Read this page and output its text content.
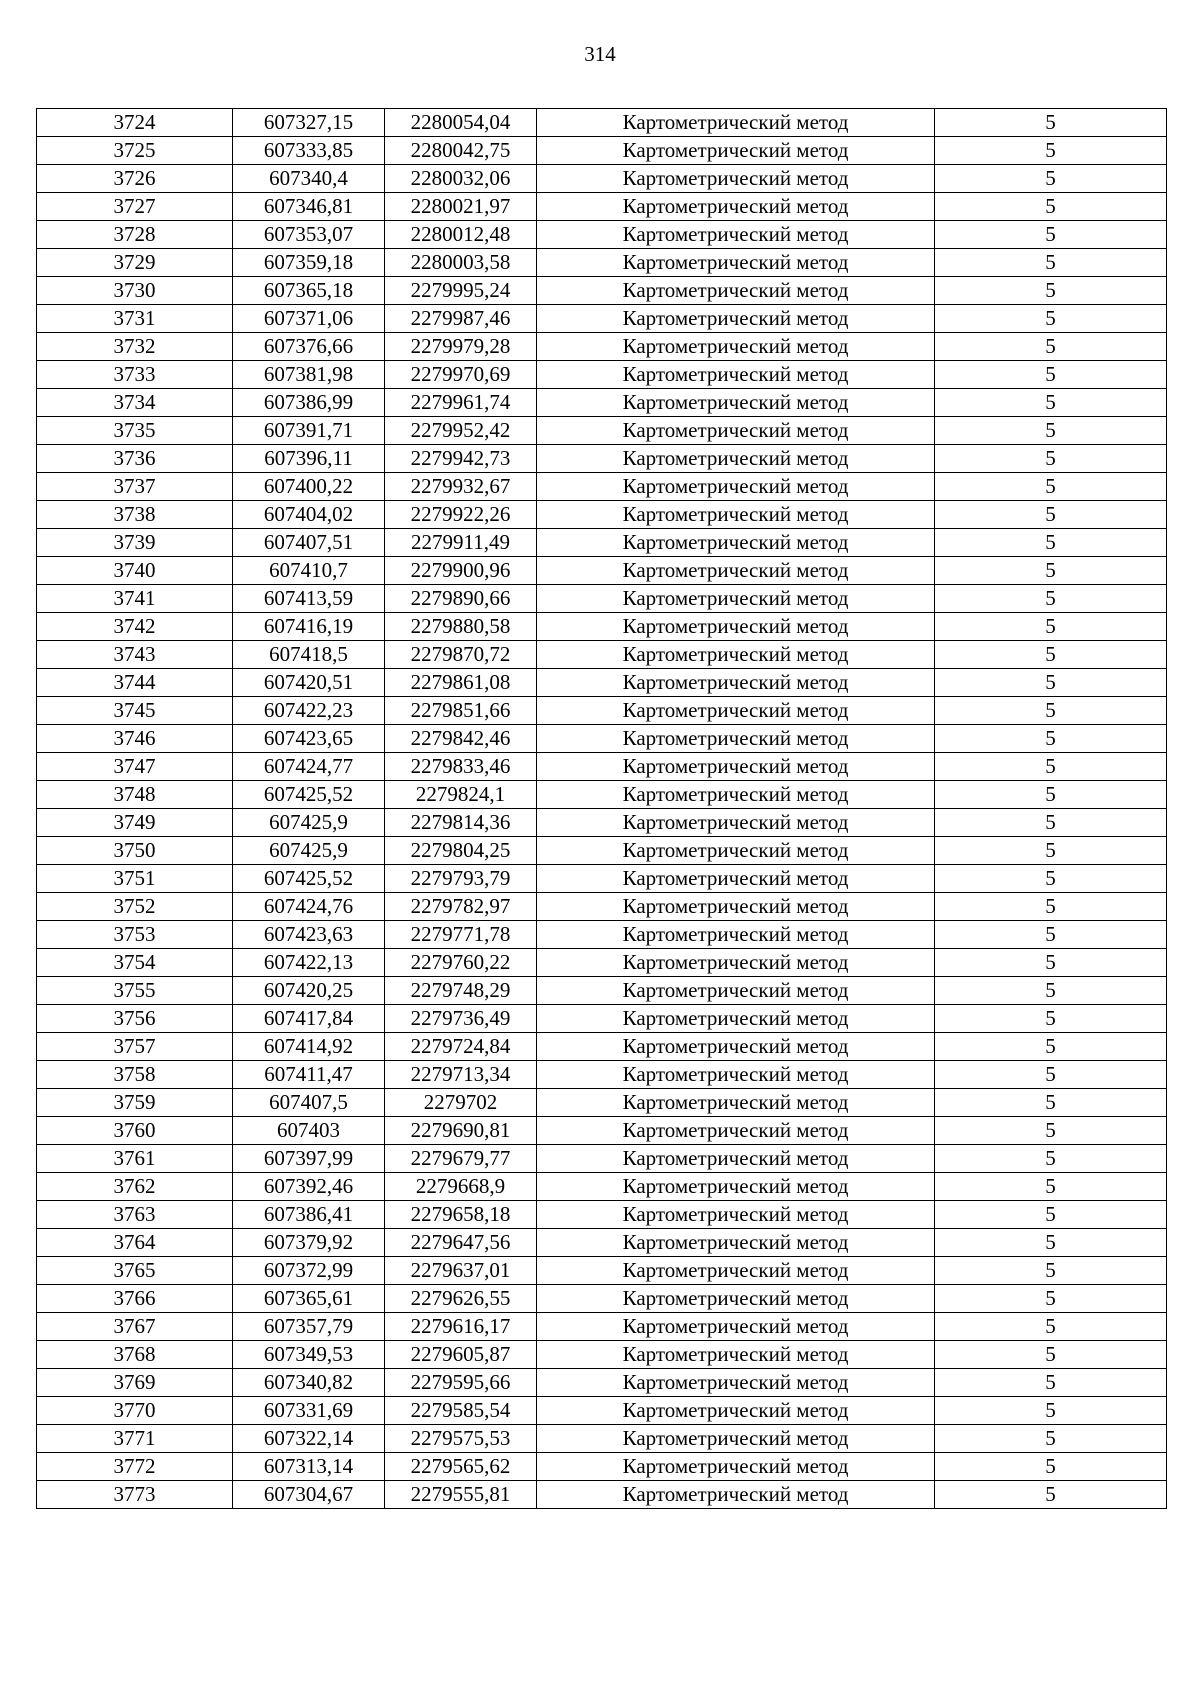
314
3724	607327,15	2280054,04	Картометрический метод	5
3725	607333,85	2280042,75	Картометрический метод	5
3726	607340,4	2280032,06	Картометрический метод	5
3727	607346,81	2280021,97	Картометрический метод	5
3728	607353,07	2280012,48	Картометрический метод	5
3729	607359,18	2280003,58	Картометрический метод	5
3730	607365,18	2279995,24	Картометрический метод	5
3731	607371,06	2279987,46	Картометрический метод	5
3732	607376,66	2279979,28	Картометрический метод	5
3733	607381,98	2279970,69	Картометрический метод	5
3734	607386,99	2279961,74	Картометрический метод	5
3735	607391,71	2279952,42	Картометрический метод	5
3736	607396,11	2279942,73	Картометрический метод	5
3737	607400,22	2279932,67	Картометрический метод	5
3738	607404,02	2279922,26	Картометрический метод	5
3739	607407,51	2279911,49	Картометрический метод	5
3740	607410,7	2279900,96	Картометрический метод	5
3741	607413,59	2279890,66	Картометрический метод	5
3742	607416,19	2279880,58	Картометрический метод	5
3743	607418,5	2279870,72	Картометрический метод	5
3744	607420,51	2279861,08	Картометрический метод	5
3745	607422,23	2279851,66	Картометрический метод	5
3746	607423,65	2279842,46	Картометрический метод	5
3747	607424,77	2279833,46	Картометрический метод	5
3748	607425,52	2279824,1	Картометрический метод	5
3749	607425,9	2279814,36	Картометрический метод	5
3750	607425,9	2279804,25	Картометрический метод	5
3751	607425,52	2279793,79	Картометрический метод	5
3752	607424,76	2279782,97	Картометрический метод	5
3753	607423,63	2279771,78	Картометрический метод	5
3754	607422,13	2279760,22	Картометрический метод	5
3755	607420,25	2279748,29	Картометрический метод	5
3756	607417,84	2279736,49	Картометрический метод	5
3757	607414,92	2279724,84	Картометрический метод	5
3758	607411,47	2279713,34	Картометрический метод	5
3759	607407,5	2279702	Картометрический метод	5
3760	607403	2279690,81	Картометрический метод	5
3761	607397,99	2279679,77	Картометрический метод	5
3762	607392,46	2279668,9	Картометрический метод	5
3763	607386,41	2279658,18	Картометрический метод	5
3764	607379,92	2279647,56	Картометрический метод	5
3765	607372,99	2279637,01	Картометрический метод	5
3766	607365,61	2279626,55	Картометрический метод	5
3767	607357,79	2279616,17	Картометрический метод	5
3768	607349,53	2279605,87	Картометрический метод	5
3769	607340,82	2279595,66	Картометрический метод	5
3770	607331,69	2279585,54	Картометрический метод	5
3771	607322,14	2279575,53	Картометрический метод	5
3772	607313,14	2279565,62	Картометрический метод	5
3773	607304,67	2279555,81	Картометрический метод	5
